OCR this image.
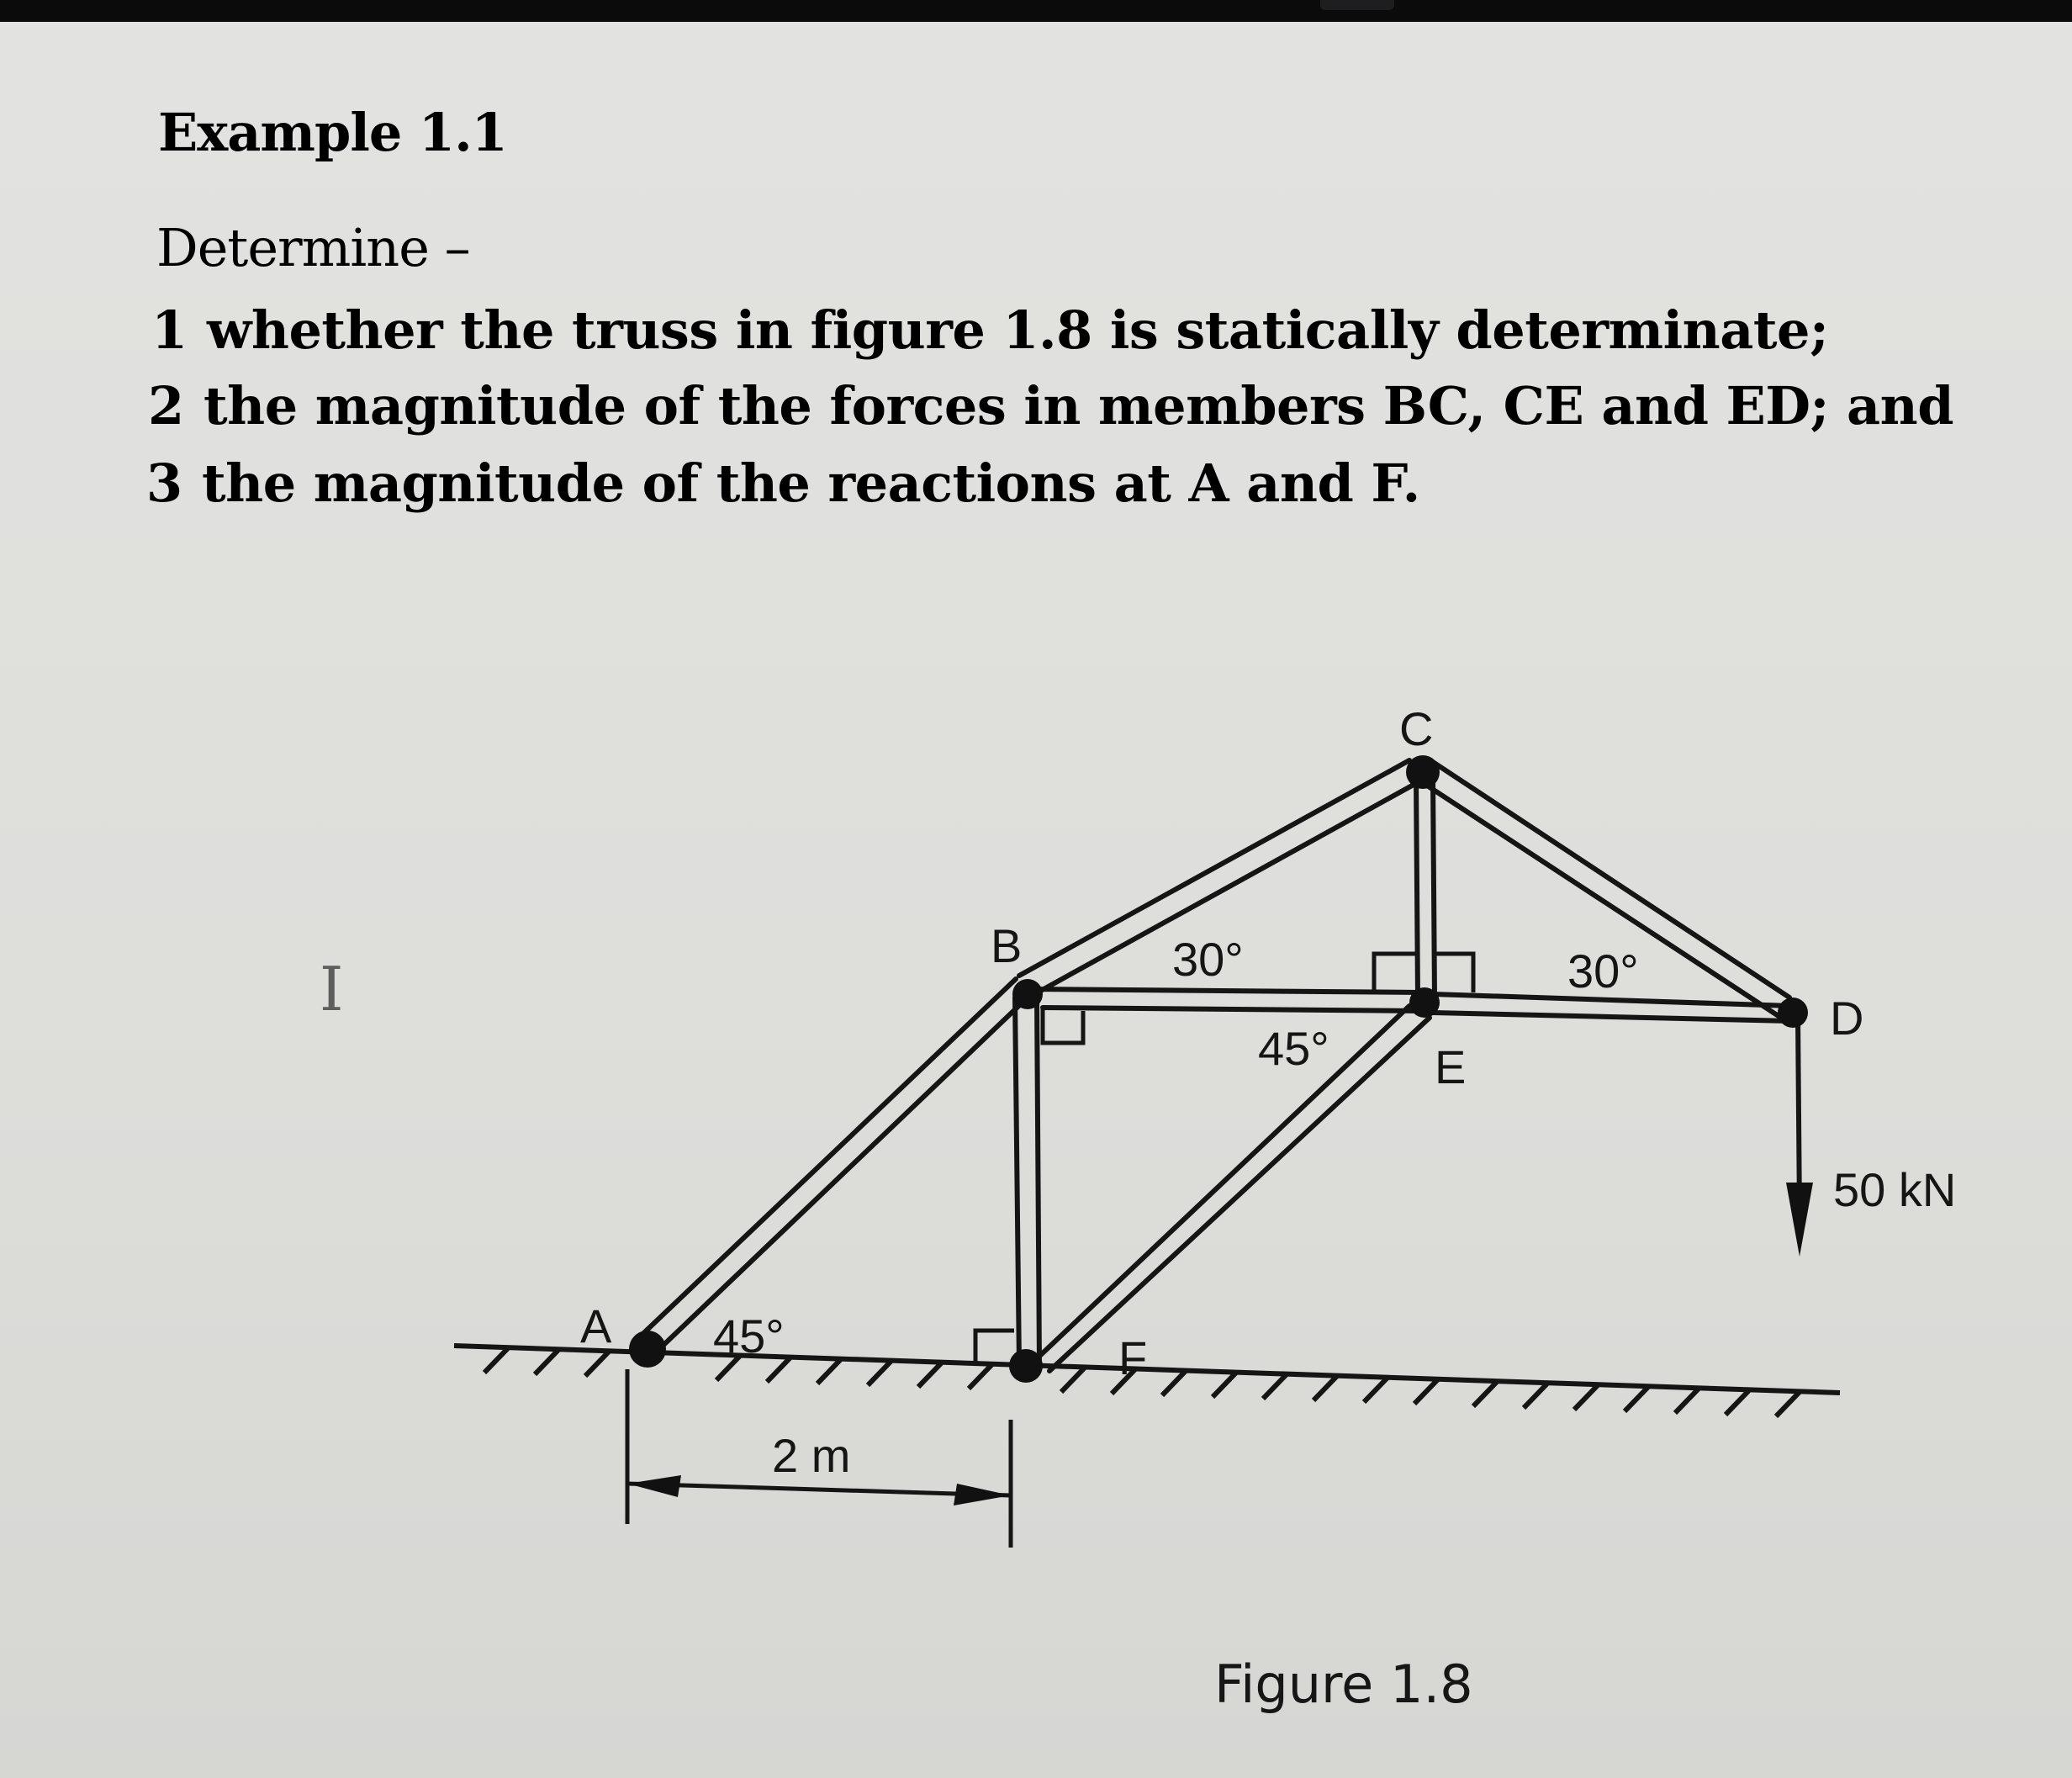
Example 1.1
Determine –
1 whether the truss in figure 1.8 is statically determinate;
2 the magnitude of the forces in members BC, CE and ED; and
3 the magnitude of the reactions at A and F.
I
A
B
C
D
E
F
30°	30°
45°
45°
2 m
50 kN
Figure 1.8
